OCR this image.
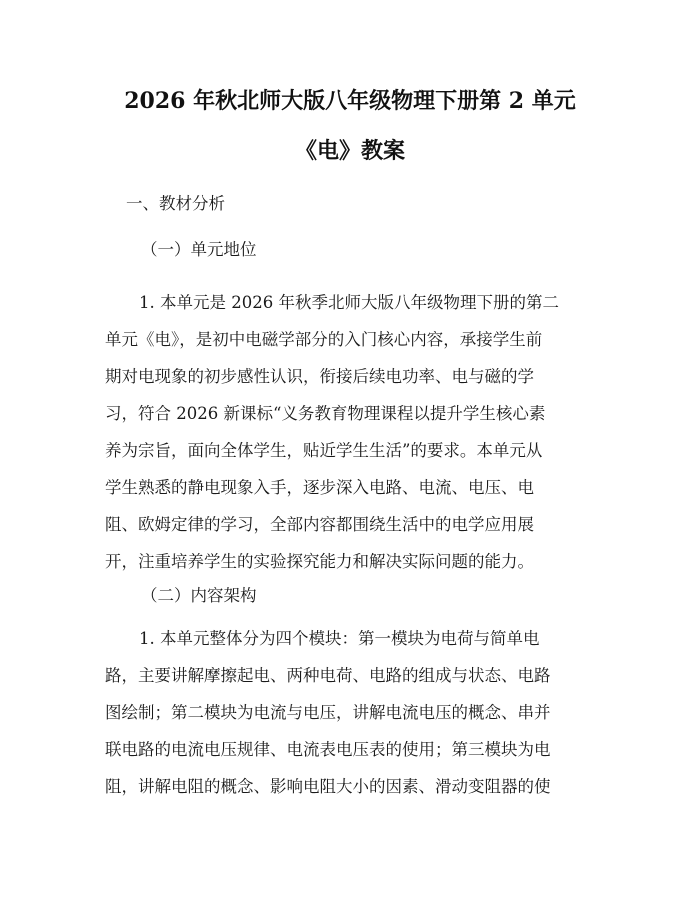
2026 年秋北师大版八年级物理下册第 2 单元
《电》教案
一、教材分析
（一）单元地位
1. 本单元是 2026 年秋季北师大版八年级物理下册的第二
单元《电》，是初中电磁学部分的入门核心内容，承接学生前
期对电现象的初步感性认识，衔接后续电功率、电与磁的学
习，符合 2026 新课标“义务教育物理课程以提升学生核心素
养为宗旨，面向全体学生，贴近学生生活”的要求。本单元从
学生熟悉的静电现象入手，逐步深入电路、电流、电压、电
阻、欧姆定律的学习，全部内容都围绕生活中的电学应用展
开，注重培养学生的实验探究能力和解决实际问题的能力。
（二）内容架构
1. 本单元整体分为四个模块：第一模块为电荷与简单电
路，主要讲解摩擦起电、两种电荷、电路的组成与状态、电路
图绘制；第二模块为电流与电压，讲解电流电压的概念、串并
联电路的电流电压规律、电流表电压表的使用；第三模块为电
阻，讲解电阻的概念、影响电阻大小的因素、滑动变阻器的使
